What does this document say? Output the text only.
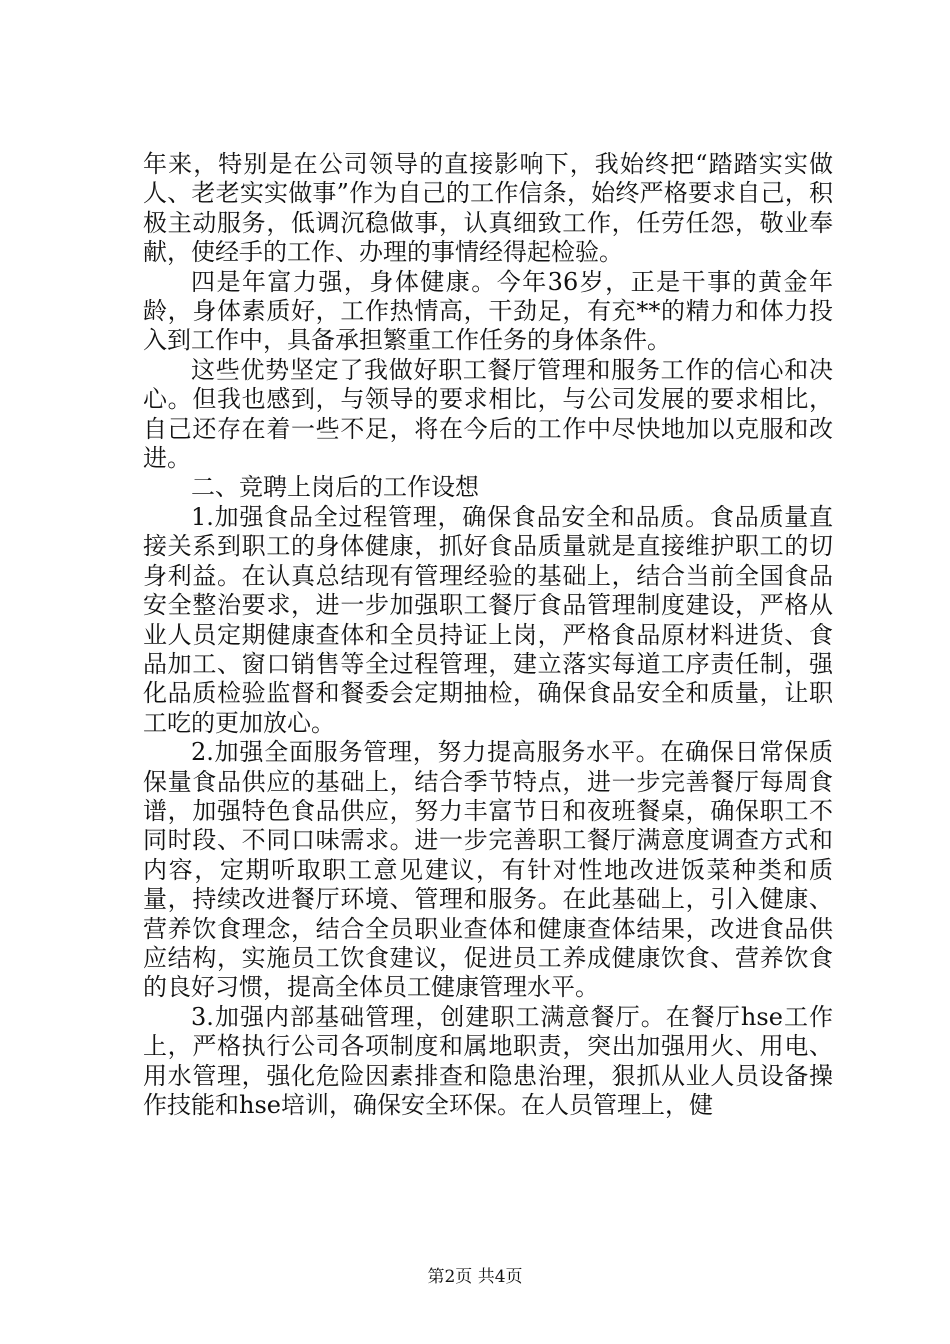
年来，特别是在公司领导的直接影响下，我始终把“踏踏实实做人、老老实实做事”作为自己的工作信条，始终严格要求自己，积极主动服务，低调沉稳做事，认真细致工作，任劳任怨，敬业奉献，使经手的工作、办理的事情经得起检验。

四是年富力强，身体健康。今年36岁，正是干事的黄金年龄，身体素质好，工作热情高，干劲足，有充**的精力和体力投入到工作中，具备承担繁重工作任务的身体条件。

这些优势坚定了我做好职工餐厅管理和服务工作的信心和决心。但我也感到，与领导的要求相比，与公司发展的要求相比，自己还存在着一些不足，将在今后的工作中尽快地加以克服和改进。

二、竞聘上岗后的工作设想

1.加强食品全过程管理，确保食品安全和品质。食品质量直接关系到职工的身体健康，抓好食品质量就是直接维护职工的切身利益。在认真总结现有管理经验的基础上，结合当前全国食品安全整治要求，进一步加强职工餐厅食品管理制度建设，严格从业人员定期健康查体和全员持证上岗，严格食品原材料进货、食品加工、窗口销售等全过程管理，建立落实每道工序责任制，强化品质检验监督和餐委会定期抽检，确保食品安全和质量，让职工吃的更加放心。

2.加强全面服务管理，努力提高服务水平。在确保日常保质保量食品供应的基础上，结合季节特点，进一步完善餐厅每周食谱，加强特色食品供应，努力丰富节日和夜班餐桌，确保职工不同时段、不同口味需求。进一步完善职工餐厅满意度调查方式和内容，定期听取职工意见建议，有针对性地改进饭菜种类和质量，持续改进餐厅环境、管理和服务。在此基础上，引入健康、营养饮食理念，结合全员职业查体和健康查体结果，改进食品供应结构，实施员工饮食建议，促进员工养成健康饮食、营养饮食的良好习惯，提高全体员工健康管理水平。

3.加强内部基础管理，创建职工满意餐厅。在餐厅hse工作上，严格执行公司各项制度和属地职责，突出加强用火、用电、用水管理，强化危险因素排查和隐患治理，狠抓从业人员设备操作技能和hse培训，确保安全环保。在人员管理上，健

第2页 共4页
